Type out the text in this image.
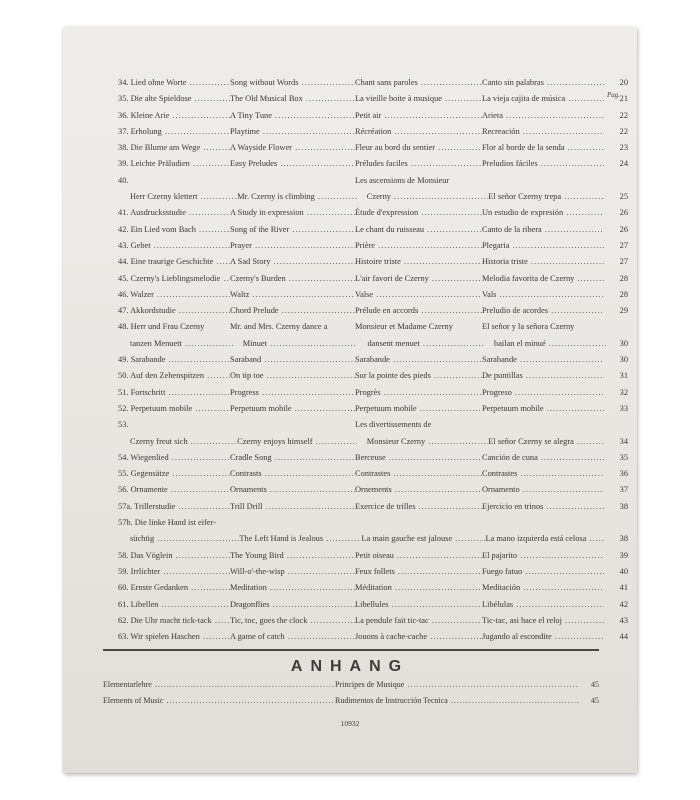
Pag.
34. Lied ohne Worte .....	Song without Words .....	Chant sans paroles .....	Canto sin palabras .....	20
35. Die alte Spieldose .....	The Old Musical Box .....	La vieille boite à musique .....	La vieja cajita de música .....	21
36. Kleine Arie .....	A Tiny Tune .....	Petit air .....	Arieta .....	22
37. Erholung .....	Playtime .....	Récréation .....	Recreación .....	22
38. Die Blume am Wege .....	A Wayside Flower .....	Fleur au bord du sentier .....	Flor al borde de la senda .....	23
39. Leichte Präludien .....	Easy Preludes .....	Préludes faciles .....	Preludios fáciles .....	24
40.	Les ascensions de Monsieur
Herr Czerny klettert .....	Mr. Czerny is climbing .....	Czerny .....	El señor Czerny trepa .....	25
41. Ausdrucksstudie .....	A Study in expression .....	Étude d'expression .....	Un estudio de expresión .....	26
42. Ein Lied vom Bach .....	Song of the River .....	Le chant du ruisseau .....	Canto de la ribera .....	26
43. Gebet .....	Prayer .....	Prière .....	Plegaria .....	27
44. Eine traurige Geschichte .....	A Sad Story .....	Histoire triste .....	Historia triste .....	27
45. Czerny's Lieblingsmelodie .....	Czerny's Burden .....	L'air favori de Czerny .....	Melodia favorita de Czerny .....	28
46. Walzer .....	Waltz .....	Valse .....	Vals .....	28
47. Akkordstudie .....	Chord Prelude .....	Prélude en accords .....	Preludio de acordes .....	29
48. Herr und Frau Czerny	Mr. and Mrs. Czerny dance a	Monsieur et Madame Czerny	El señor y la señora Czerny
tanzen Menuett .....	Minuet .....	dansent menuet .....	bailan el minué .....	30
49. Sarabande .....	Saraband .....	Sarabande .....	Sarabande .....	30
50. Auf den Zehenspitzen .....	On tip toe .....	Sur la pointe des pieds .....	De puntillas .....	31
51. Fortschritt .....	Progress .....	Progrès .....	Progreso .....	32
52. Perpetuum mobile .....	Perpetuum mobile .....	Perpetuum mobile .....	Perpetuum mobile .....	33
53.	Les divertissements de
Czerny freut sich .....	Czerny enjoys himself .....	Monsieur Czerny .....	El señor Czerny se alegra .....	34
54. Wiegenlied .....	Cradle Song .....	Berceuse .....	Canción de cuna .....	35
55. Gegensätze .....	Contrasts .....	Contrastes .....	Contrastes .....	36
56. Ornamente .....	Ornaments .....	Ornements .....	Ornamento .....	37
57a. Trillerstudie .....	Trill Drill .....	Exercice de trilles .....	Ejercicio en trinos .....	38
57b. Die linke Hand ist eifer-
süchtig .....	The Left Hand is Jealous .....	La main gauche est jalouse .....	La mano izquierda está celosa .....	38
58. Das Vöglein .....	The Young Bird .....	Petit oiseau .....	El pajarito .....	39
59. Irrlichter .....	Will-o'-the-wisp .....	Feux follets .....	Fuego fatuo .....	40
60. Ernste Gedanken .....	Meditation .....	Méditation .....	Meditación .....	41
61. Libellen .....	Dragonflies .....	Libellules .....	Libélulas .....	42
62. Die Uhr macht tick-tack .....	Tic, toc, goes the clock .....	La pendule fait tic-tac .....	Tic-tac, asi hace el reloj .....	43
63. Wir spielen Haschen .....	A game of catch .....	Jouons à cache-cache .....	Jugando al escondite .....	44
ANHANG
Elementarlehre .....	Principes de Musique .....	45
Elements of Music .....	Rudimentos de Instrucción Tecnica .....	45
10932
